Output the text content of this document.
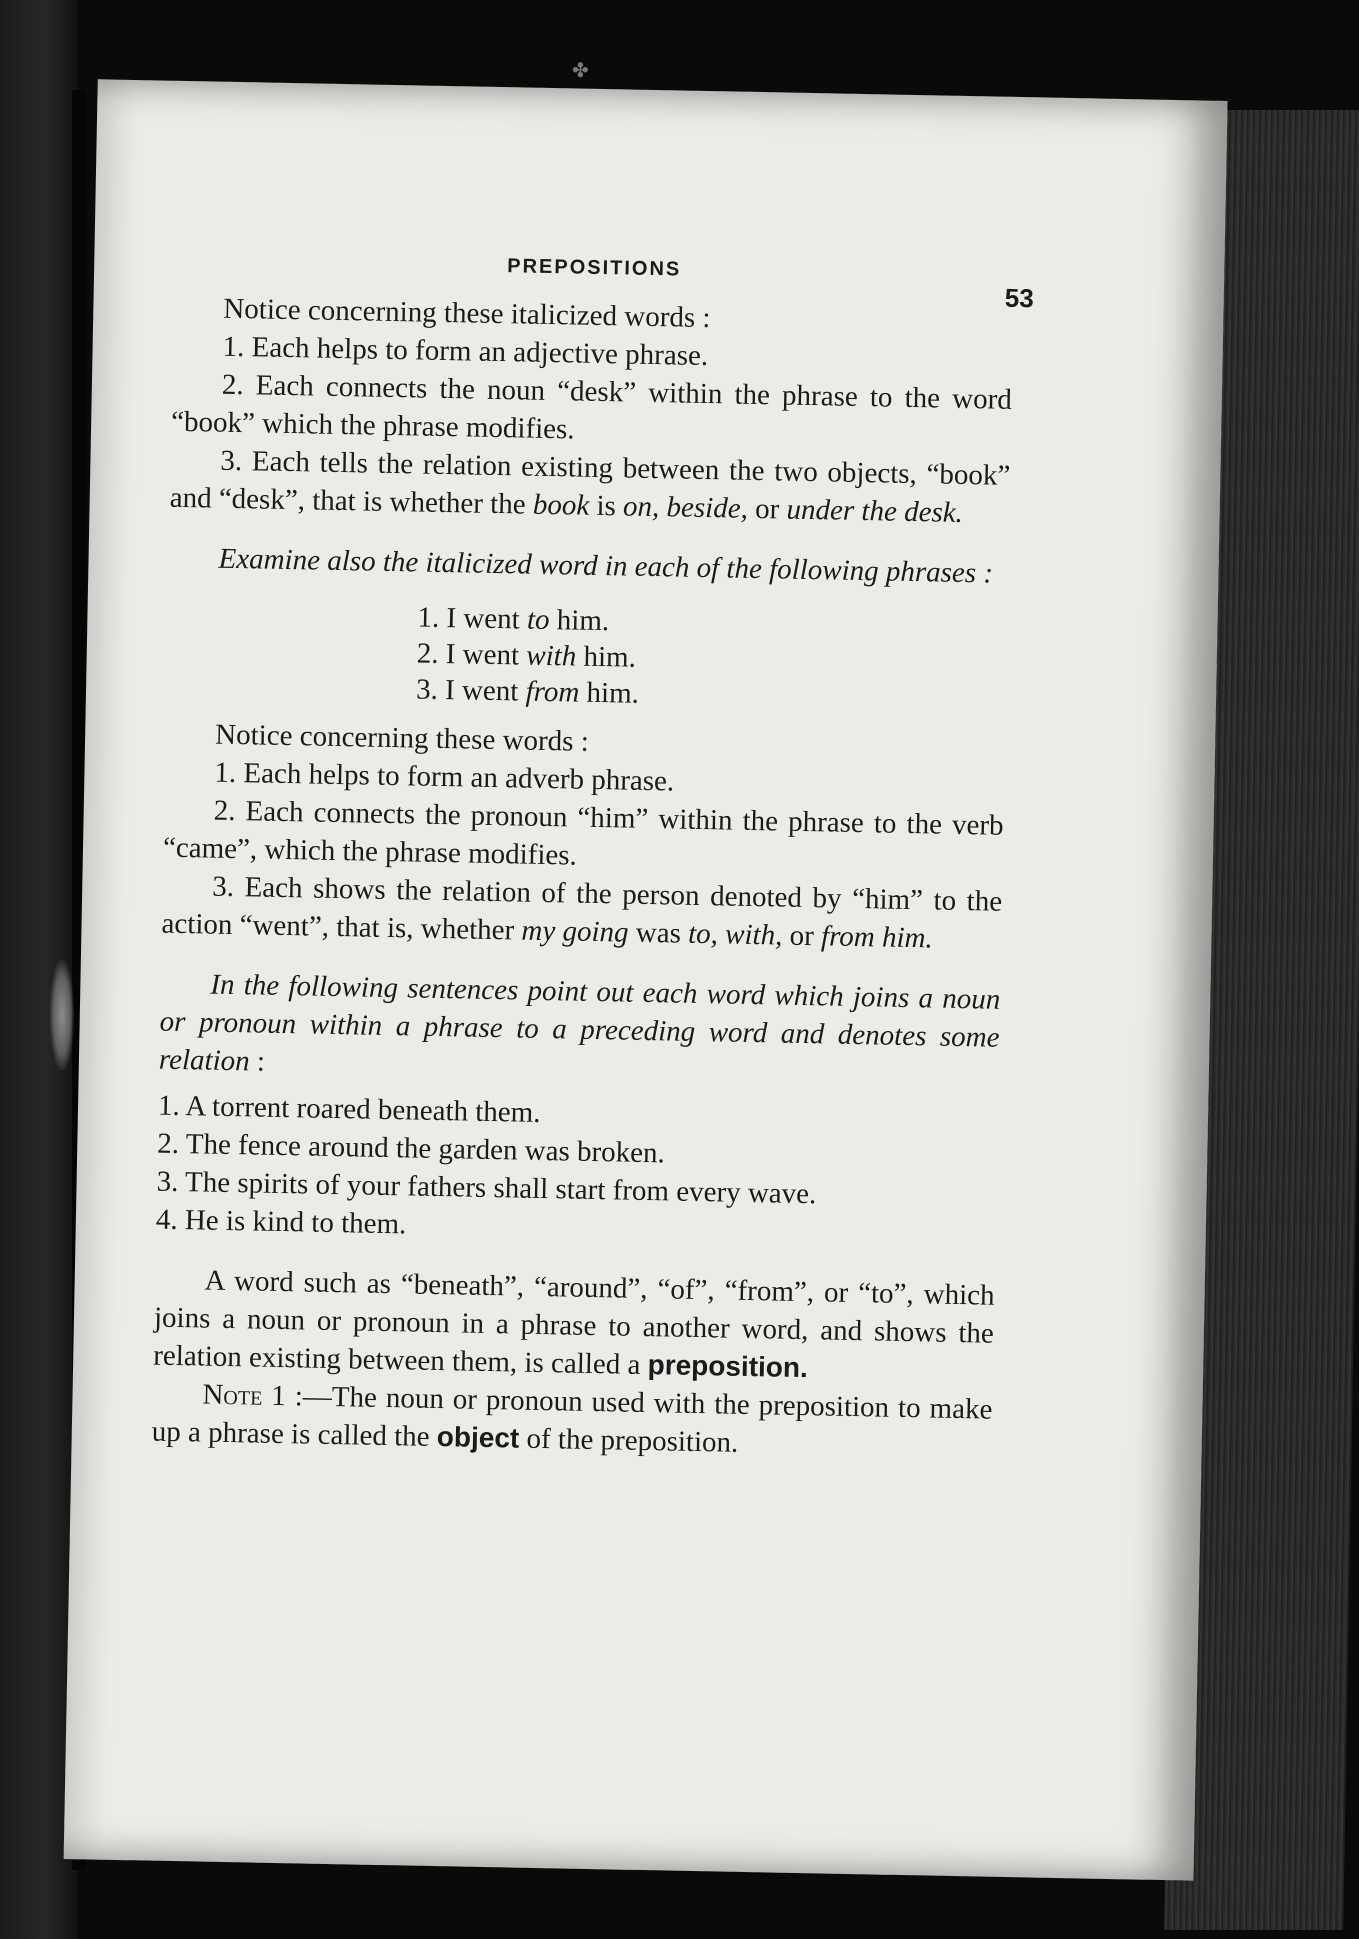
✤
PREPOSITIONS
53

Notice concerning these italicized words :

1. Each helps to form an adjective phrase.

2. Each connects the noun “desk” within the phrase to the word “book” which the phrase modifies.

3. Each tells the relation existing between the two objects, “book” and “desk”, that is whether the book is on, beside, or under the desk.

Examine also the italicized word in each of the following phrases :

1. I went to him.

2. I went with him.

3. I went from him.

Notice concerning these words :

1. Each helps to form an adverb phrase.

2. Each connects the pronoun “him” within the phrase to the verb “came”, which the phrase modifies.

3. Each shows the relation of the person denoted by “him” to the action “went”, that is, whether my going was to, with, or from him.

In the following sentences point out each word which joins a noun or pronoun within a phrase to a preceding word and denotes some relation :

1. A torrent roared beneath them.

2. The fence around the garden was broken.

3. The spirits of your fathers shall start from every wave.

4. He is kind to them.

A word such as “beneath”, “around”, “of”, “from”, or “to”, which joins a noun or pronoun in a phrase to another word, and shows the relation existing between them, is called a preposition.

Note 1 :—The noun or pronoun used with the preposition to make up a phrase is called the object of the preposition.
